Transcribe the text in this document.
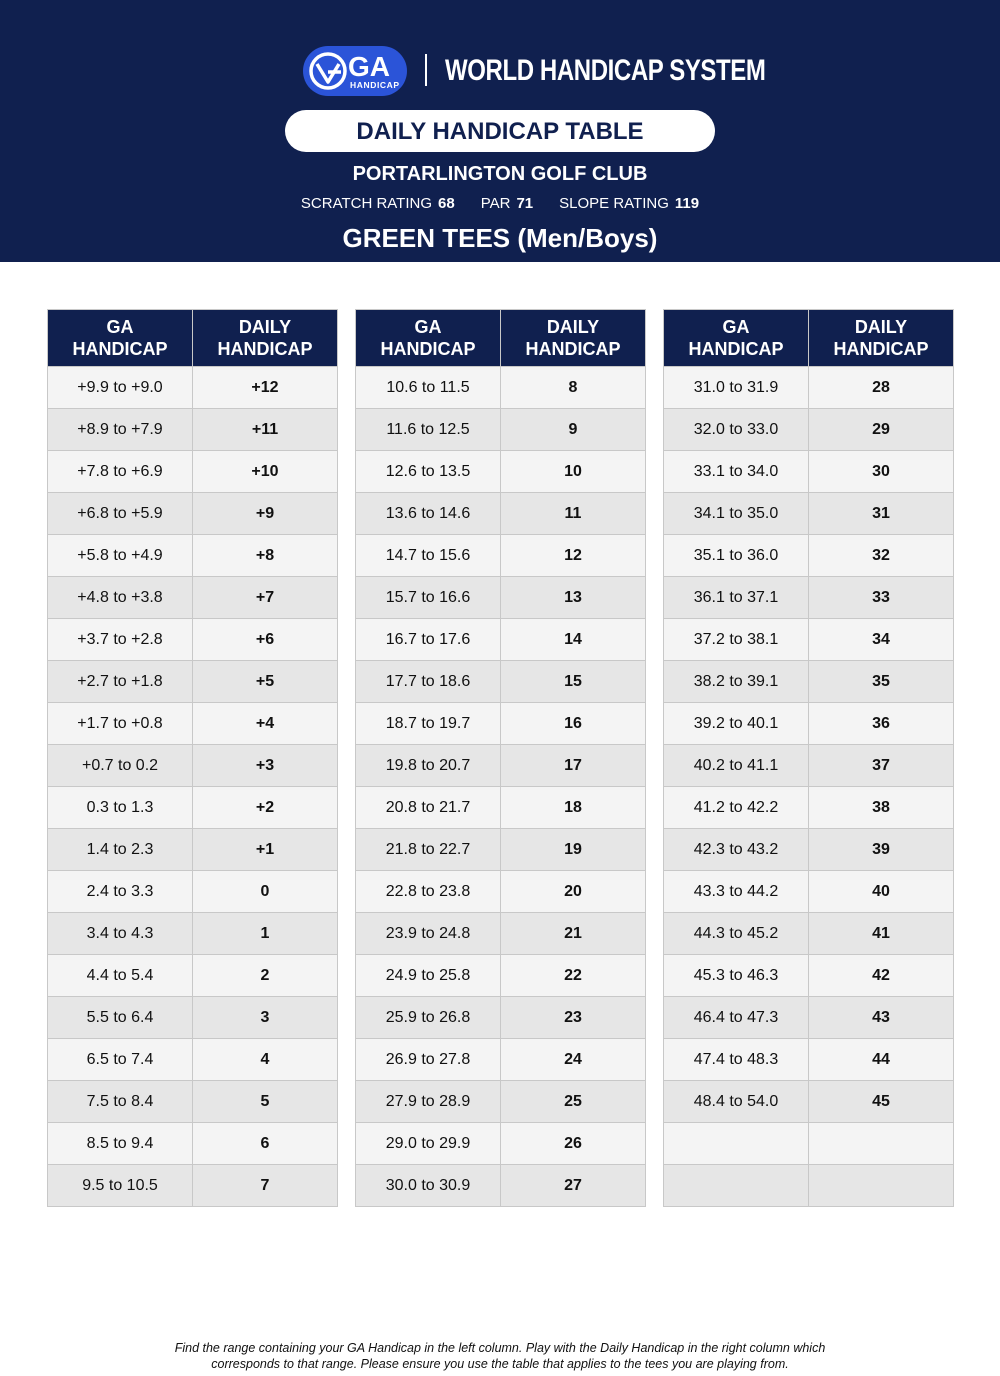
GA
HANDICAP WORLD HANDICAP SYSTEM
DAILY HANDICAP TABLE
PORTARLINGTON GOLF CLUB
SCRATCH RATING 68 PAR 71 SLOPE RATING 119
GREEN TEES (Men/Boys)
GA
HANDICAP	DAILY
HANDICAP
+9.9 to +9.0	+12
+8.9 to +7.9	+11
+7.8 to +6.9	+10
+6.8 to +5.9	+9
+5.8 to +4.9	+8
+4.8 to +3.8	+7
+3.7 to +2.8	+6
+2.7 to +1.8	+5
+1.7 to +0.8	+4
+0.7 to 0.2	+3
0.3 to 1.3	+2
1.4 to 2.3	+1
2.4 to 3.3	0
3.4 to 4.3	1
4.4 to 5.4	2
5.5 to 6.4	3
6.5 to 7.4	4
7.5 to 8.4	5
8.5 to 9.4	6
9.5 to 10.5	7
GA
HANDICAP	DAILY
HANDICAP
10.6 to 11.5	8
11.6 to 12.5	9
12.6 to 13.5	10
13.6 to 14.6	11
14.7 to 15.6	12
15.7 to 16.6	13
16.7 to 17.6	14
17.7 to 18.6	15
18.7 to 19.7	16
19.8 to 20.7	17
20.8 to 21.7	18
21.8 to 22.7	19
22.8 to 23.8	20
23.9 to 24.8	21
24.9 to 25.8	22
25.9 to 26.8	23
26.9 to 27.8	24
27.9 to 28.9	25
29.0 to 29.9	26
30.0 to 30.9	27
GA
HANDICAP	DAILY
HANDICAP
31.0 to 31.9	28
32.0 to 33.0	29
33.1 to 34.0	30
34.1 to 35.0	31
35.1 to 36.0	32
36.1 to 37.1	33
37.2 to 38.1	34
38.2 to 39.1	35
39.2 to 40.1	36
40.2 to 41.1	37
41.2 to 42.2	38
42.3 to 43.2	39
43.3 to 44.2	40
44.3 to 45.2	41
45.3 to 46.3	42
46.4 to 47.3	43
47.4 to 48.3	44
48.4 to 54.0	45

Find the range containing your GA Handicap in the left column. Play with the Daily Handicap in the right column which
corresponds to that range. Please ensure you use the table that applies to the tees you are playing from.
